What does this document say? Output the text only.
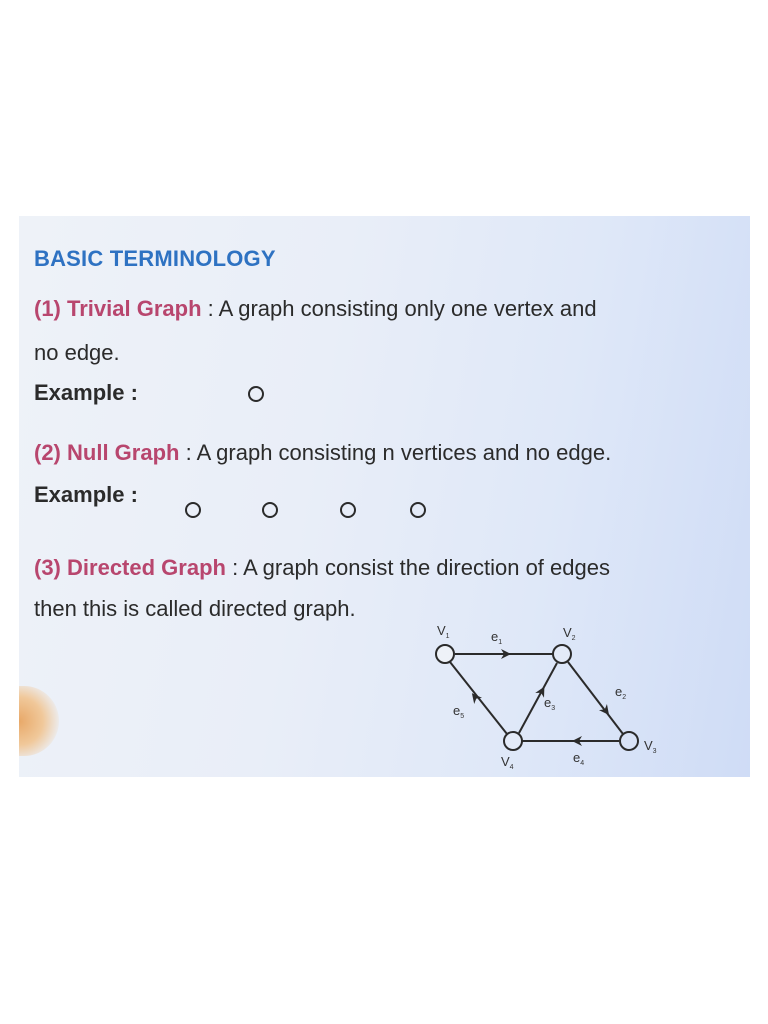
BASIC TERMINOLOGY
(1) Trivial Graph : A graph consisting only one vertex and
no edge.
Example :
(2) Null Graph : A graph consisting n vertices and no edge.
Example :
(3) Directed Graph : A graph consist the direction of edges
then this is called directed graph.
$V_1$	$V_2$
$V_3$
$V_4$
$e_1$
$e_2$
$e_3$
$e_4$
$e_5$
